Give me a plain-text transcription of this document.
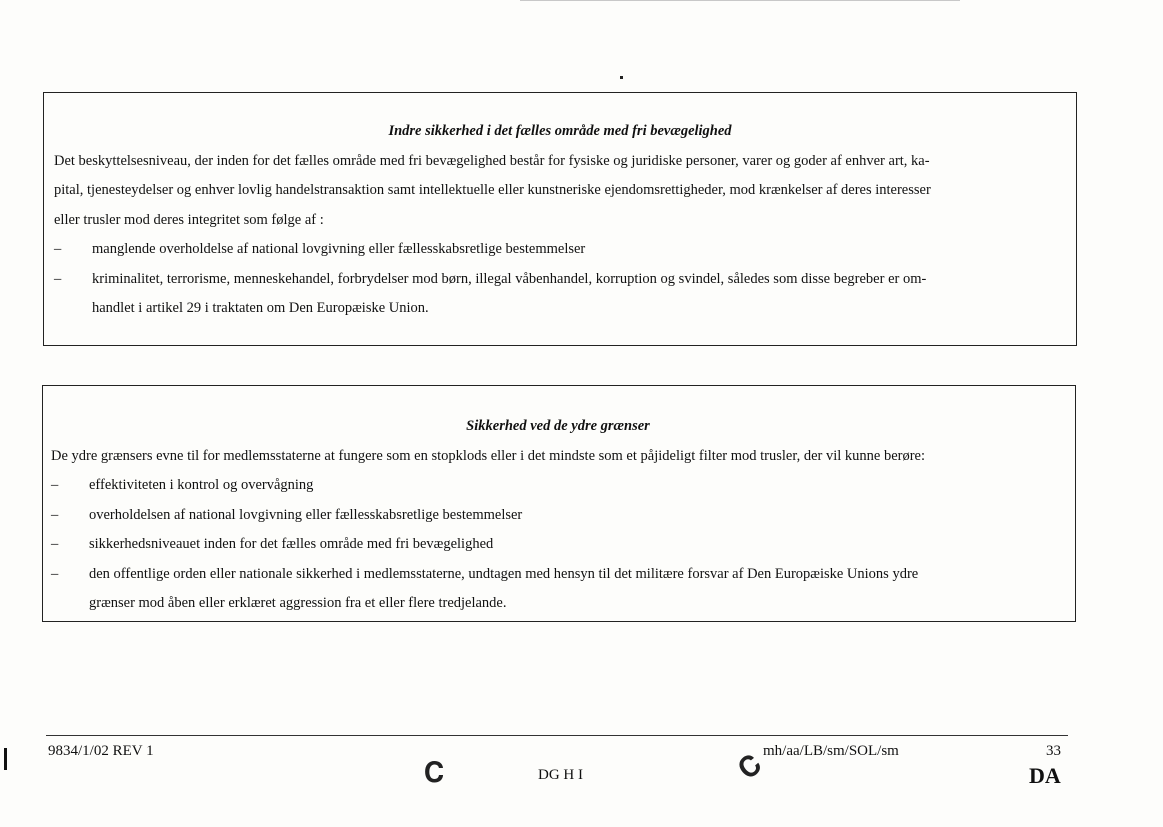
Indre sikkerhed i det fælles område med fri bevægelighed

Det beskyttelsesniveau, der inden for det fælles område med fri bevægelighed består for fysiske og juridiske personer, varer og goder af enhver art, ka-
pital, tjenesteydelser og enhver lovlig handelstransaktion samt intellektuelle eller kunstneriske ejendomsrettigheder, mod krænkelser af deres interesser
eller trusler mod deres integritet som følge af :

–	manglende overholdelse af national lovgivning eller fællesskabsretlige bestemmelser
–	kriminalitet, terrorisme, menneskehandel, forbrydelser mod børn, illegal våbenhandel, korruption og svindel, således som disse begreber er om-
handlet i artikel 29 i traktaten om Den Europæiske Union.
Sikkerhed ved de ydre grænser

De ydre grænsers evne til for medlemsstaterne at fungere som en stopklods eller i det mindste som et påjideligt filter mod trusler, der vil kunne berøre:

–	effektiviteten i kontrol og overvågning
–	overholdelsen af national lovgivning eller fællesskabsretlige bestemmelser
–	sikkerhedsniveauet inden for det fælles område med fri bevægelighed
–	den offentlige orden eller nationale sikkerhed i medlemsstaterne, undtagen med hensyn til det militære forsvar af Den Europæiske Unions ydre
grænser mod åben eller erklæret aggression fra et eller flere tredjelande.
9834/1/02 REV 1
𝐂	DG H I	𝐂
mh/aa/LB/sm/SOL/sm	33
DA
